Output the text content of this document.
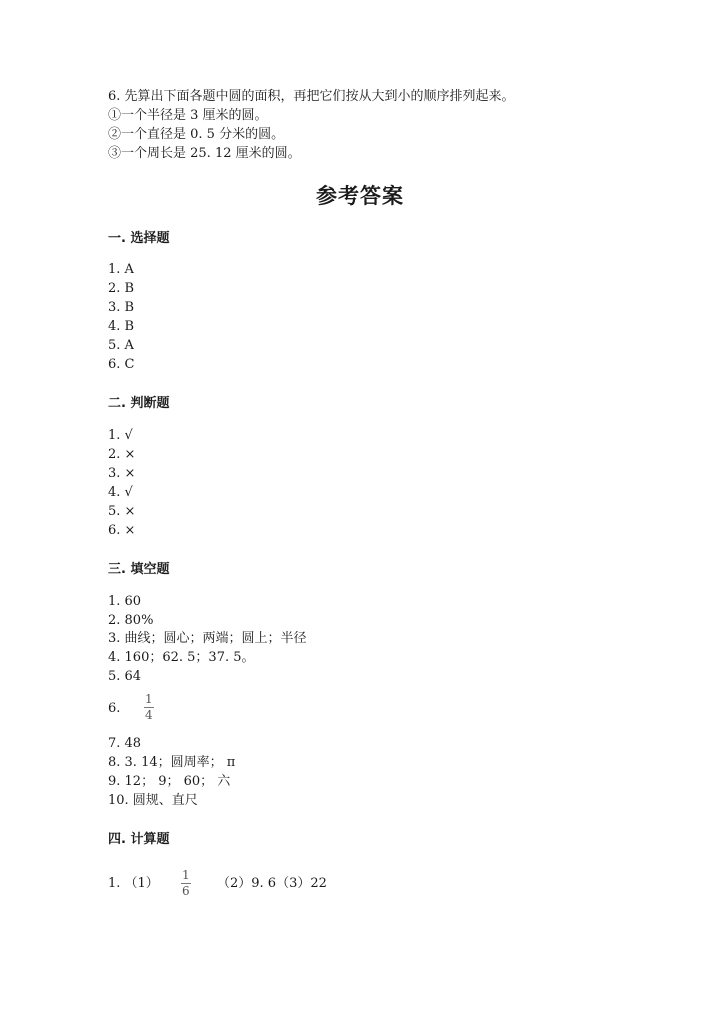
6. 先算出下面各题中圆的面积，再把它们按从大到小的顺序排列起来。
①一个半径是 3 厘米的圆。
②一个直径是 0. 5 分米的圆。
③一个周长是 25. 12 厘米的圆。
参考答案
一. 选择题
1. A
2. B
3. B
4. B
5. A
6. C
二. 判断题
1. √
2. ×
3. ×
4. √
5. ×
6. ×
三. 填空题
1. 60
2. 80%
3. 曲线；圆心；两端；圆上；半径
4. 160；62. 5；37. 5。
5. 64
6.
1
4
7. 48
8. 3. 14；圆周率； π
9. 12； 9； 60； 六
10. 圆规、直尺
四. 计算题
1. （1）
1
6 （2）9. 6（3）22
